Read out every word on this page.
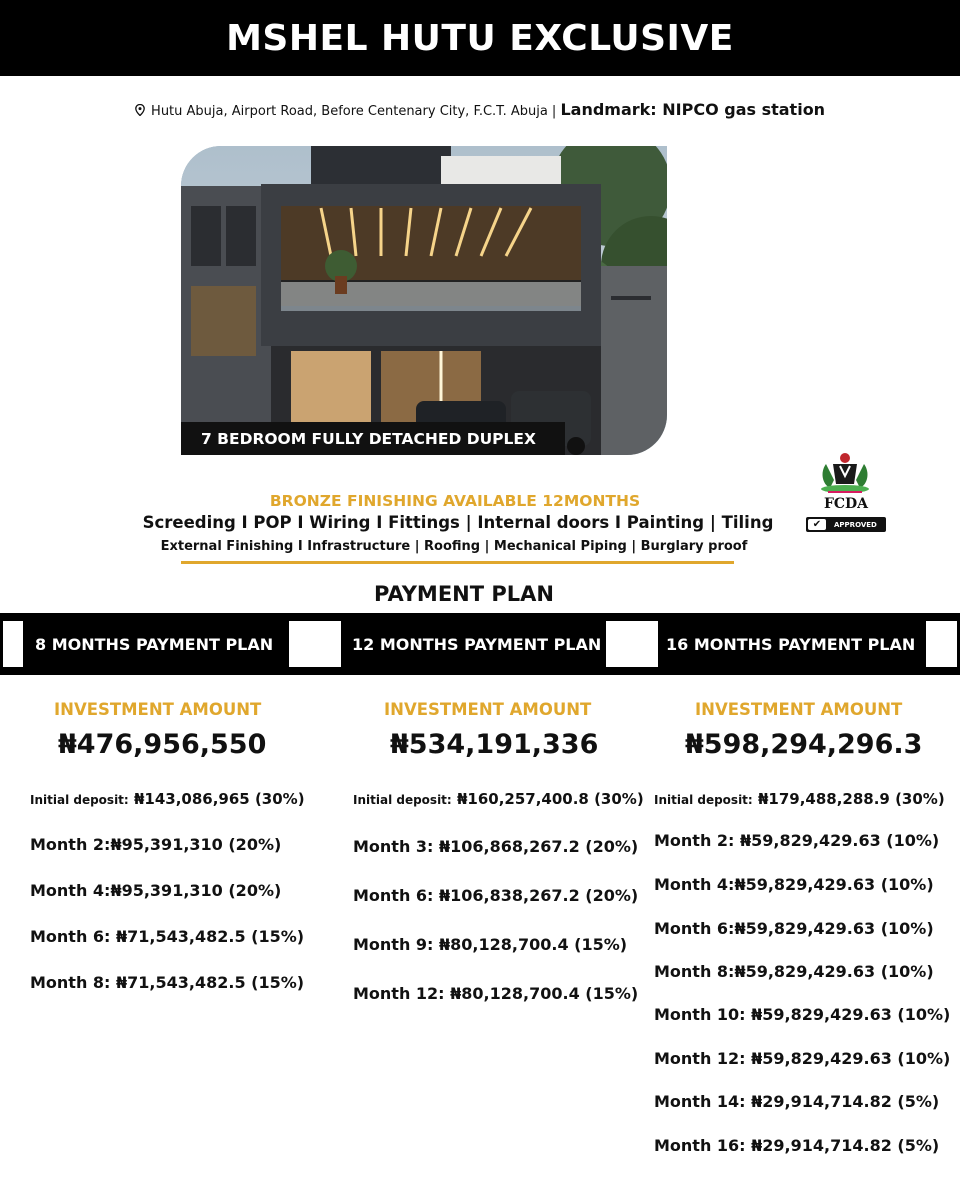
MSHEL HUTU EXCLUSIVE
Hutu Abuja, Airport Road, Before Centenary City, F.C.T. Abuja | Landmark: NIPCO gas station
7 BEDROOM FULLY DETACHED DUPLEX
FCDA
✔	APPROVED
BRONZE FINISHING AVAILABLE 12MONTHS
Screeding I POP I Wiring I Fittings | Internal doors I Painting | Tiling
External Finishing I Infrastructure | Roofing | Mechanical Piping | Burglary proof
PAYMENT PLAN
8 MONTHS PAYMENT PLAN	12 MONTHS PAYMENT PLAN	16 MONTHS PAYMENT PLAN
INVESTMENT AMOUNT
₦476,956,550
Initial deposit: ₦143,086,965 (30%)
Month 2:₦95,391,310 (20%)
Month 4:₦95,391,310 (20%)
Month 6: ₦71,543,482.5 (15%)
Month 8: ₦71,543,482.5 (15%)
INVESTMENT AMOUNT
₦534,191,336
Initial deposit: ₦160,257,400.8 (30%)
Month 3: ₦106,868,267.2 (20%)
Month 6: ₦106,838,267.2 (20%)
Month 9: ₦80,128,700.4 (15%)
Month 12: ₦80,128,700.4 (15%)
INVESTMENT AMOUNT
₦598,294,296.3
Initial deposit: ₦179,488,288.9 (30%)
Month 2: ₦59,829,429.63 (10%)
Month 4:₦59,829,429.63 (10%)
Month 6:₦59,829,429.63 (10%)
Month 8:₦59,829,429.63 (10%)
Month 10: ₦59,829,429.63 (10%)
Month 12: ₦59,829,429.63 (10%)
Month 14: ₦29,914,714.82 (5%)
Month 16: ₦29,914,714.82 (5%)
